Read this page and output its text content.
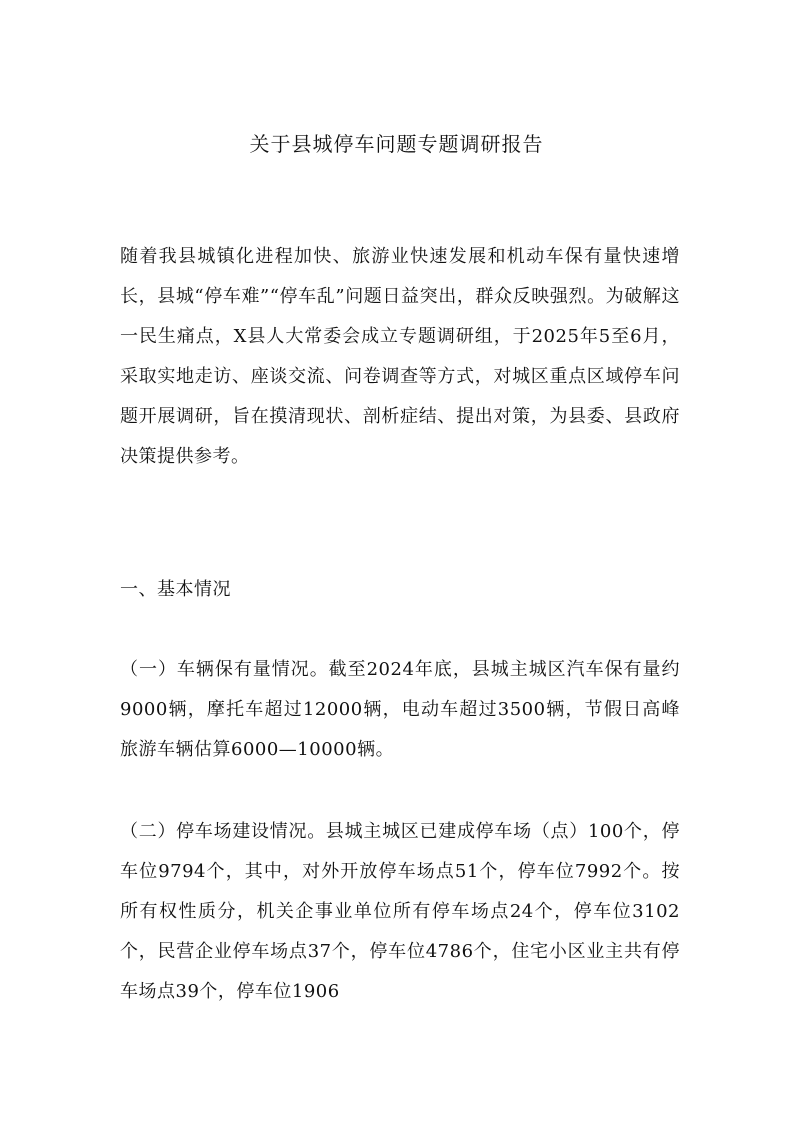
关于县城停车问题专题调研报告

随着我县城镇化进程加快、旅游业快速发展和机动车保有量快速增长，县城“停车难”“停车乱”问题日益突出，群众反映强烈。为破解这一民生痛点，X县人大常委会成立专题调研组，于2025年5至6月，采取实地走访、座谈交流、问卷调查等方式，对城区重点区域停车问题开展调研，旨在摸清现状、剖析症结、提出对策，为县委、县政府决策提供参考。

一、基本情况

（一）车辆保有量情况。截至2024年底，县城主城区汽车保有量约9000辆，摩托车超过12000辆，电动车超过3500辆，节假日高峰旅游车辆估算6000—10000辆。

（二）停车场建设情况。县城主城区已建成停车场（点）100个，停车位9794个，其中，对外开放停车场点51个，停车位7992个。按所有权性质分，机关企事业单位所有停车场点24个，停车位3102个，民营企业停车场点37个，停车位4786个，住宅小区业主共有停车场点39个，停车位1906
